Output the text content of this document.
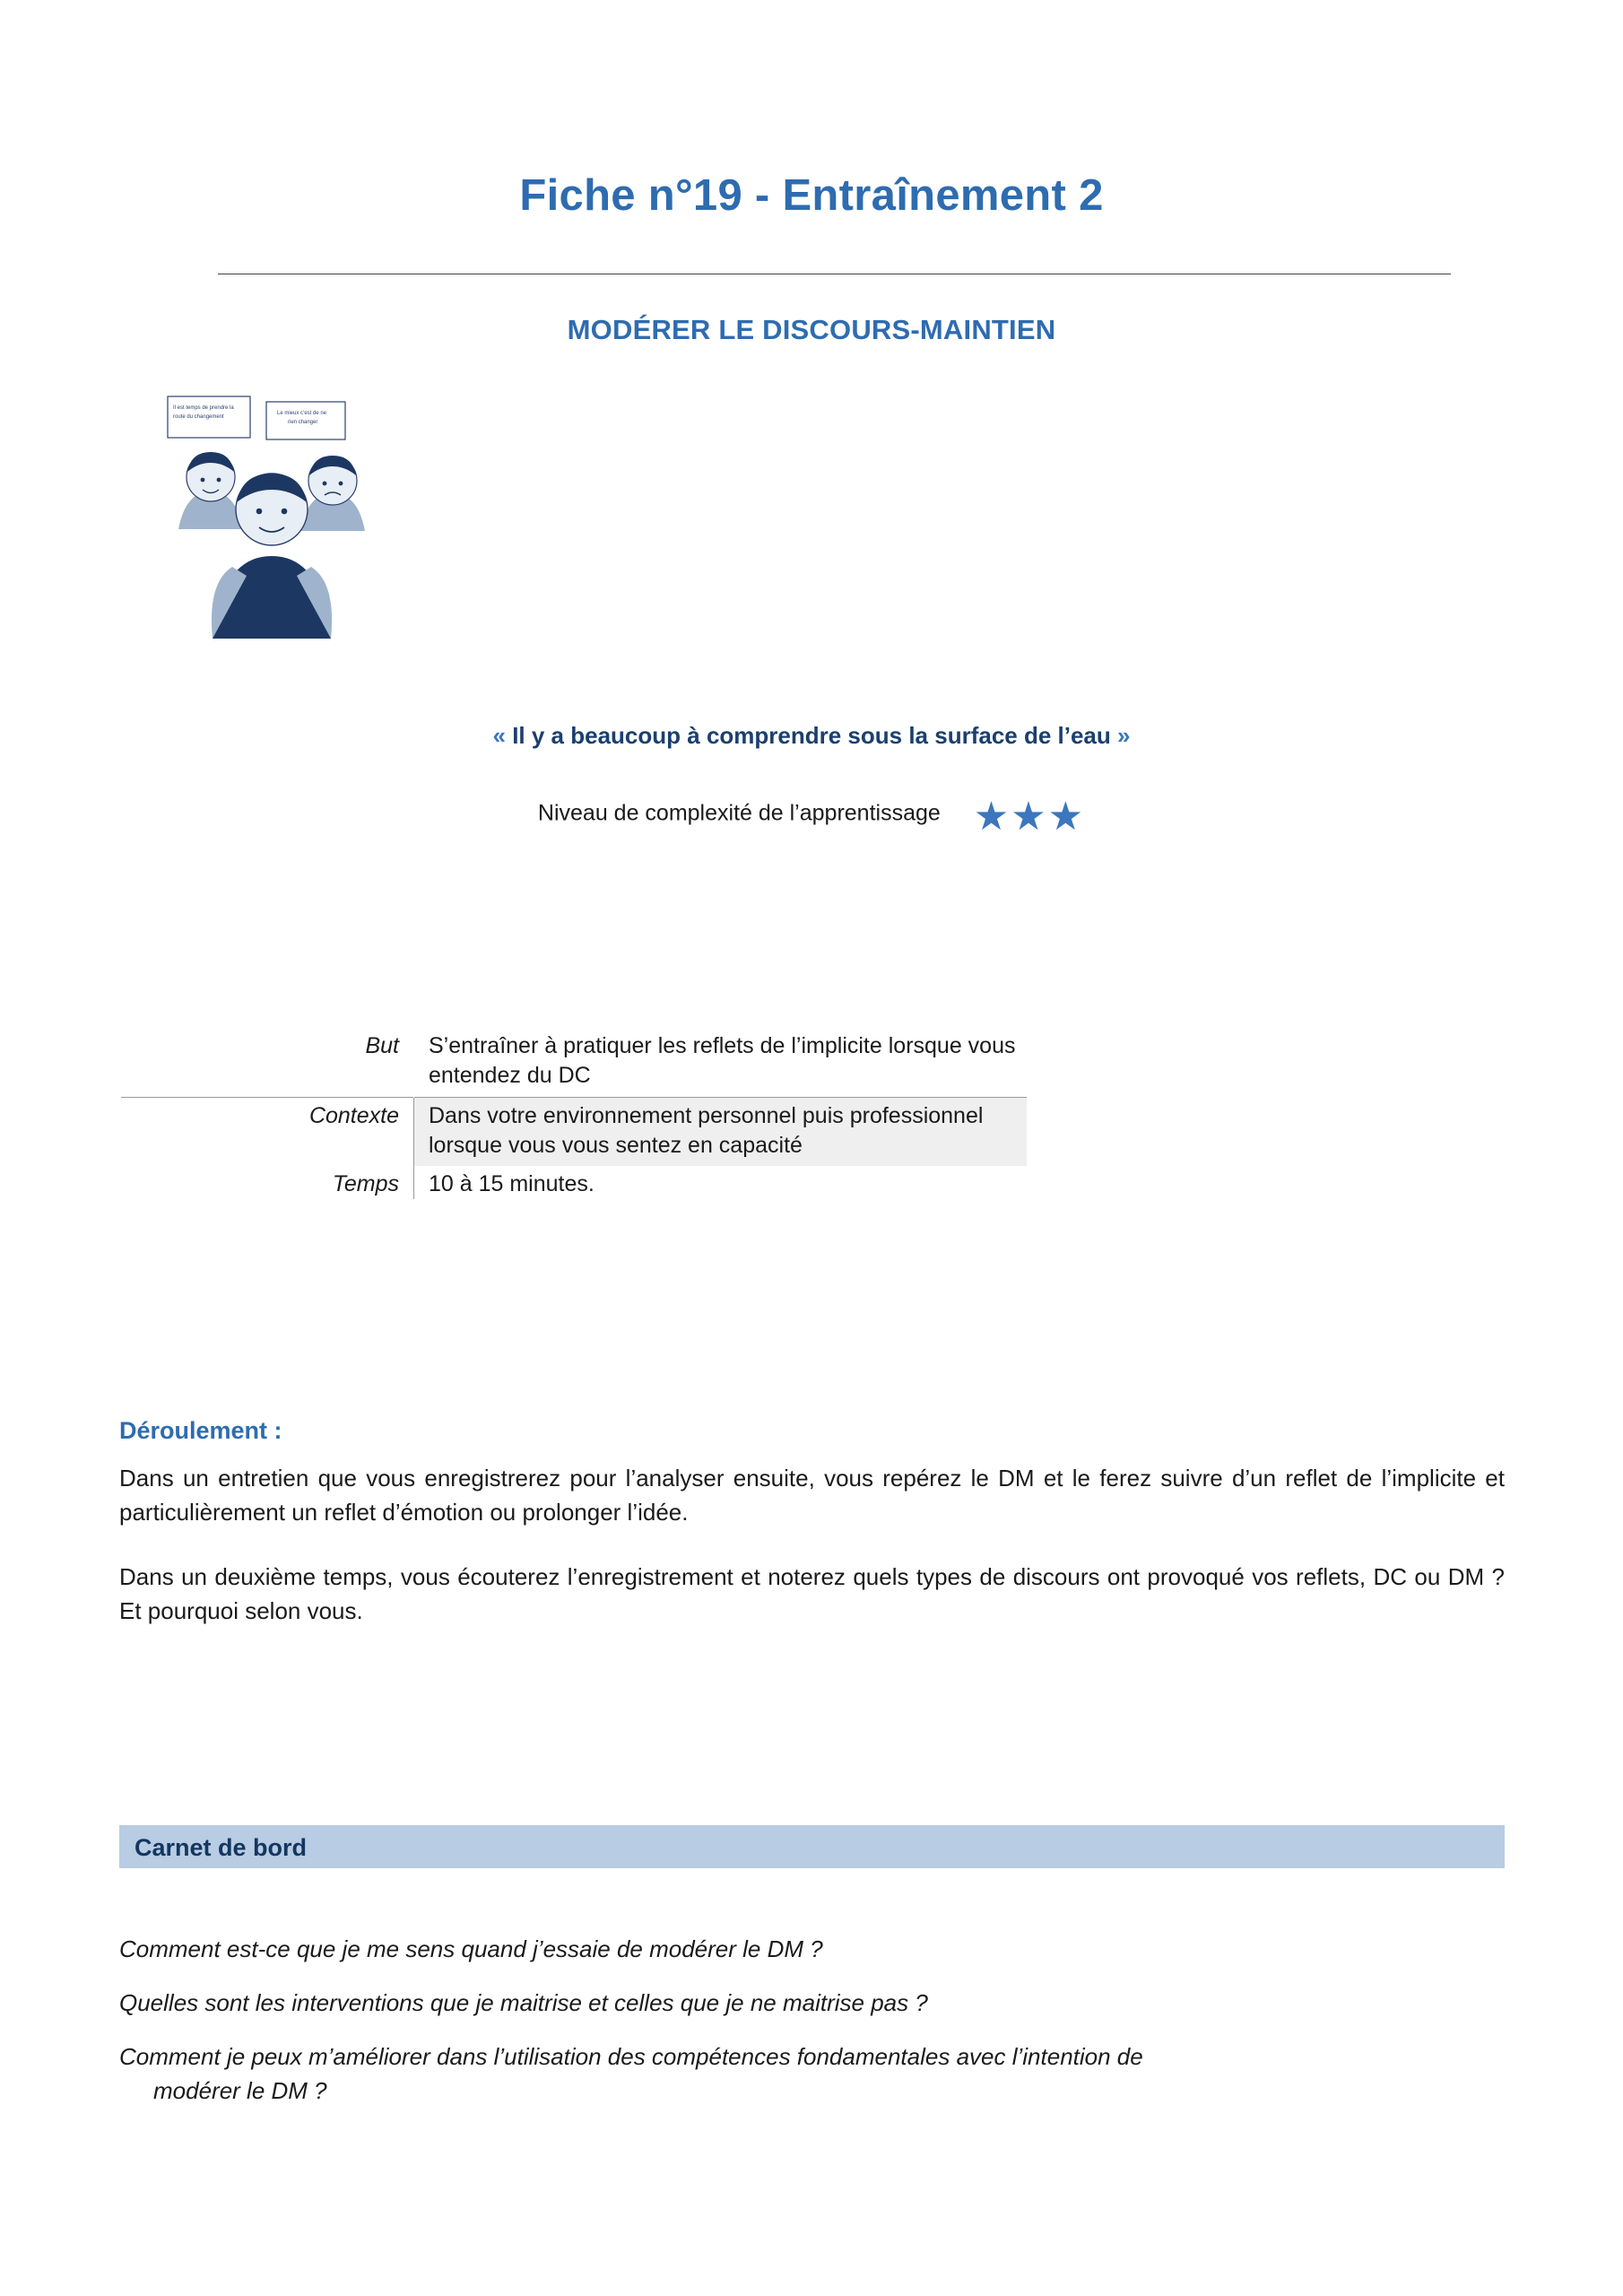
Fiche n°19 - Entraînement 2
MODÉRER LE DISCOURS-MAINTIEN
Il est temps de prendre la
route du changement
Le mieux c’est de ne
rien changer
« Il y a beaucoup à comprendre sous la surface de l’eau »
Niveau de complexité de l’apprentissage ★★★
But	S’entraîner à pratiquer les reflets de l’implicite lorsque vous entendez du DC

Contexte	Dans votre environnement personnel puis professionnel lorsque vous vous sentez en capacité

Temps	10 à 15 minutes.
Déroulement :
Dans un entretien que vous enregistrerez pour l’analyser ensuite, vous repérez le DM et le ferez suivre d’un reflet de l’implicite et particulièrement un reflet d’émotion ou prolonger l’idée.
Dans un deuxième temps, vous écouterez l’enregistrement et noterez quels types de discours ont provoqué vos reflets, DC ou DM ? Et pourquoi selon vous.
Carnet de bord
Comment est-ce que je me sens quand j’essaie de modérer le DM ?
Quelles sont les interventions que je maitrise et celles que je ne maitrise pas ?
Comment je peux m’améliorer dans l’utilisation des compétences fondamentales avec l’intention de
modérer le DM ?
